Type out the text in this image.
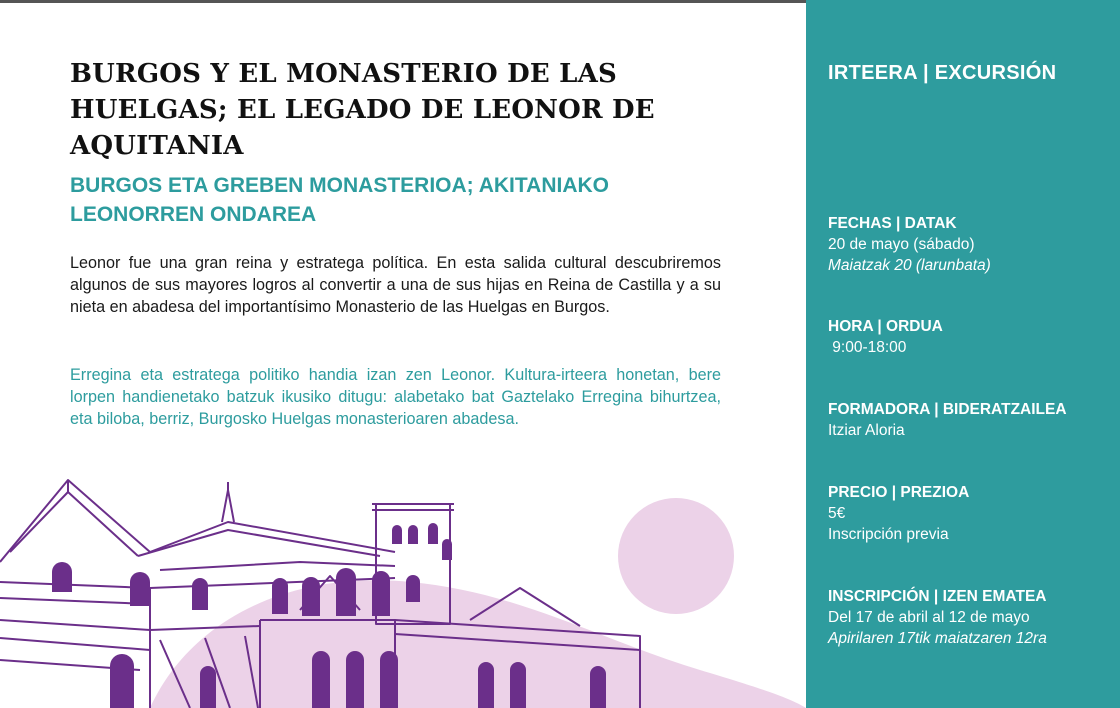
BURGOS Y EL MONASTERIO DE LAS
HUELGAS; EL LEGADO DE LEONOR DE
AQUITANIA
BURGOS ETA GREBEN MONASTERIOA; AKITANIAKO
LEONORREN ONDAREA

Leonor fue una gran reina y estratega política. En esta salida cultural descubriremos algunos de sus mayores logros al convertir a una de sus hijas en Reina de Castilla y a su nieta en abadesa del importantísimo Monasterio de las Huelgas en Burgos.

Erregina eta estratega politiko handia izan zen Leonor. Kultura-irteera honetan, bere lorpen handienetako batzuk ikusiko ditugu: alabetako bat Gaztelako Erregina bihurtzea, eta biloba, berriz, Burgosko Huelgas monasterioaren abadesa.

IRTEERA | EXCURSIÓN
FECHAS | DATAK
20 de mayo (sábado)
Maiatzak 20 (larunbata)
HORA | ORDUA
9:00-18:00
FORMADORA | BIDERATZAILEA
Itziar Aloria
PRECIO | PREZIOA
5€
Inscripción previa
INSCRIPCIÓN | IZEN EMATEA
Del 17 de abril al 12 de mayo
Apirilaren 17tik maiatzaren 12ra
